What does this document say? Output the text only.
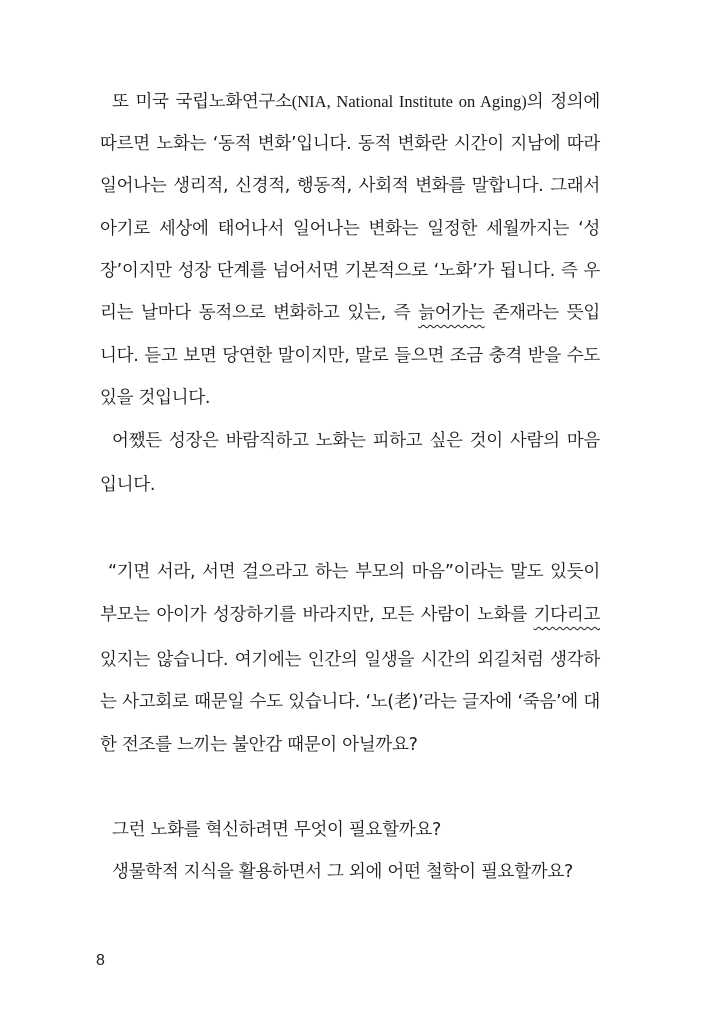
또 미국 국립노화연구소(NIA, National Institute on Aging)의 정의에
따르면 노화는 ‘동적 변화’입니다. 동적 변화란 시간이 지남에 따라
일어나는 생리적, 신경적, 행동적, 사회적 변화를 말합니다. 그래서
아기로 세상에 태어나서 일어나는 변화는 일정한 세월까지는 ‘성
장’이지만 성장 단계를 넘어서면 기본적으로 ‘노화’가 됩니다. 즉 우
리는 날마다 동적으로 변화하고 있는, 즉 늙어가는 존재라는 뜻입
니다. 듣고 보면 당연한 말이지만, 말로 들으면 조금 충격 받을 수도
있을 것입니다.
어쨌든 성장은 바람직하고 노화는 피하고 싶은 것이 사람의 마음
입니다.
“기면 서라, 서면 걸으라고 하는 부모의 마음”이라는 말도 있듯이
부모는 아이가 성장하기를 바라지만, 모든 사람이 노화를 기다리고
있지는 않습니다. 여기에는 인간의 일생을 시간의 외길처럼 생각하
는 사고회로 때문일 수도 있습니다. ‘노(老)’라는 글자에 ‘죽음’에 대
한 전조를 느끼는 불안감 때문이 아닐까요?
그런 노화를 혁신하려면 무엇이 필요할까요?
생물학적 지식을 활용하면서 그 외에 어떤 철학이 필요할까요?
8
